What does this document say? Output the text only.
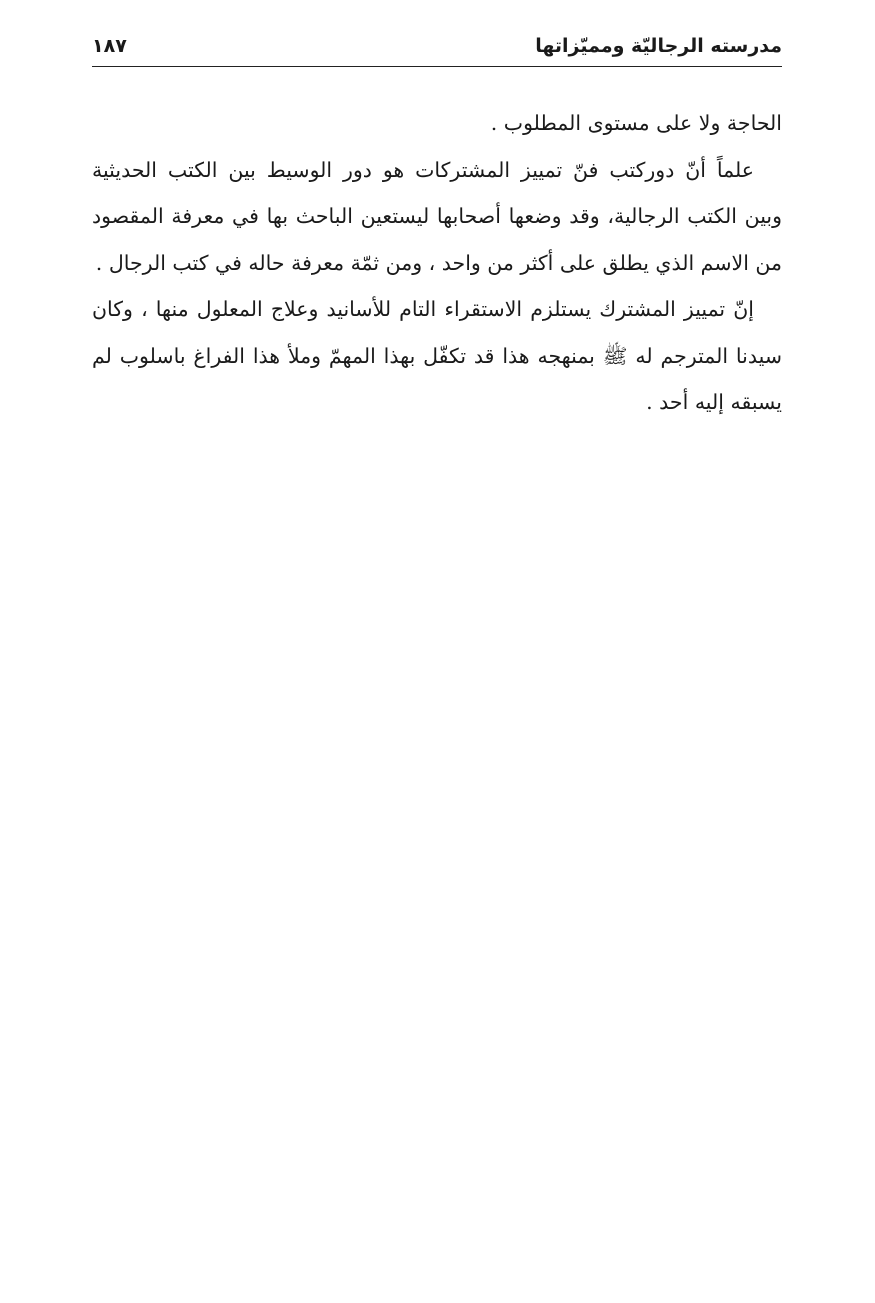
مدرسته الرجاليّة ومميّزاتها
١٨٧
الحاجة ولا على مستوى المطلوب .
علماً أنّ دوركتب فنّ تمييز المشتركات هو دور الوسيط بين الكتب الحديثية
وبين الكتب الرجالية، وقد وضعها أصحابها ليستعين الباحث بها في معرفة المقصود
من الاسم الذي يطلق على أكثر من واحد ، ومن ثمّة معرفة حاله في كتب الرجال .
إنّ تمييز المشترك يستلزم الاستقراء التام للأسانيد وعلاج المعلول منها ، وكان
سيدنا المترجم له ﷺ بمنهجه هذا قد تكفّل بهذا المهمّ وملأ هذا الفراغ باسلوب لم
يسبقه إليه أحد .
